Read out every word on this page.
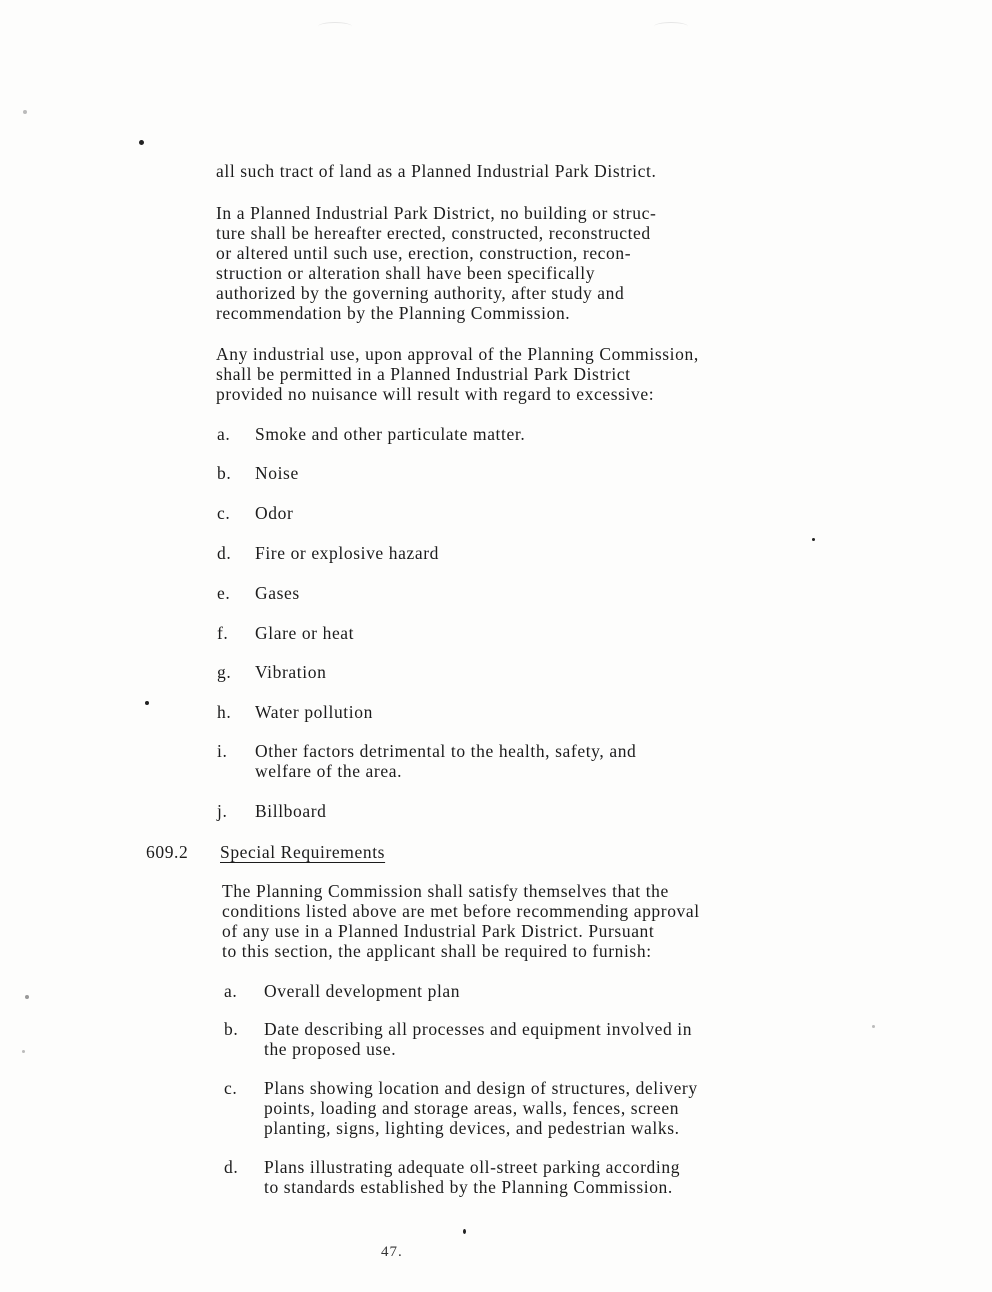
all such tract of land as a Planned Industrial Park District.
In a Planned Industrial Park District, no building or struc-
ture shall be hereafter erected, constructed, reconstructed
or altered until such use, erection, construction, recon-
struction or alteration shall have been specifically
authorized by the governing authority, after study and
recommendation by the Planning Commission.
Any industrial use, upon approval of the Planning Commission,
shall be permitted in a Planned Industrial Park District
provided no nuisance will result with regard to excessive:
a. Smoke and other particulate matter.
b. Noise
c. Odor
d. Fire or explosive hazard
e. Gases
f. Glare or heat
g. Vibration
h. Water pollution
i. Other factors detrimental to the health, safety, and
welfare of the area.
j. Billboard
609.2 Special Requirements
The Planning Commission shall satisfy themselves that the
conditions listed above are met before recommending approval
of any use in a Planned Industrial Park District. Pursuant
to this section, the applicant shall be required to furnish:
a. Overall development plan
b. Date describing all processes and equipment involved in
the proposed use.
c. Plans showing location and design of structures, delivery
points, loading and storage areas, walls, fences, screen
planting, signs, lighting devices, and pedestrian walks.
d. Plans illustrating adequate oll-street parking according
to standards established by the Planning Commission.
47.
